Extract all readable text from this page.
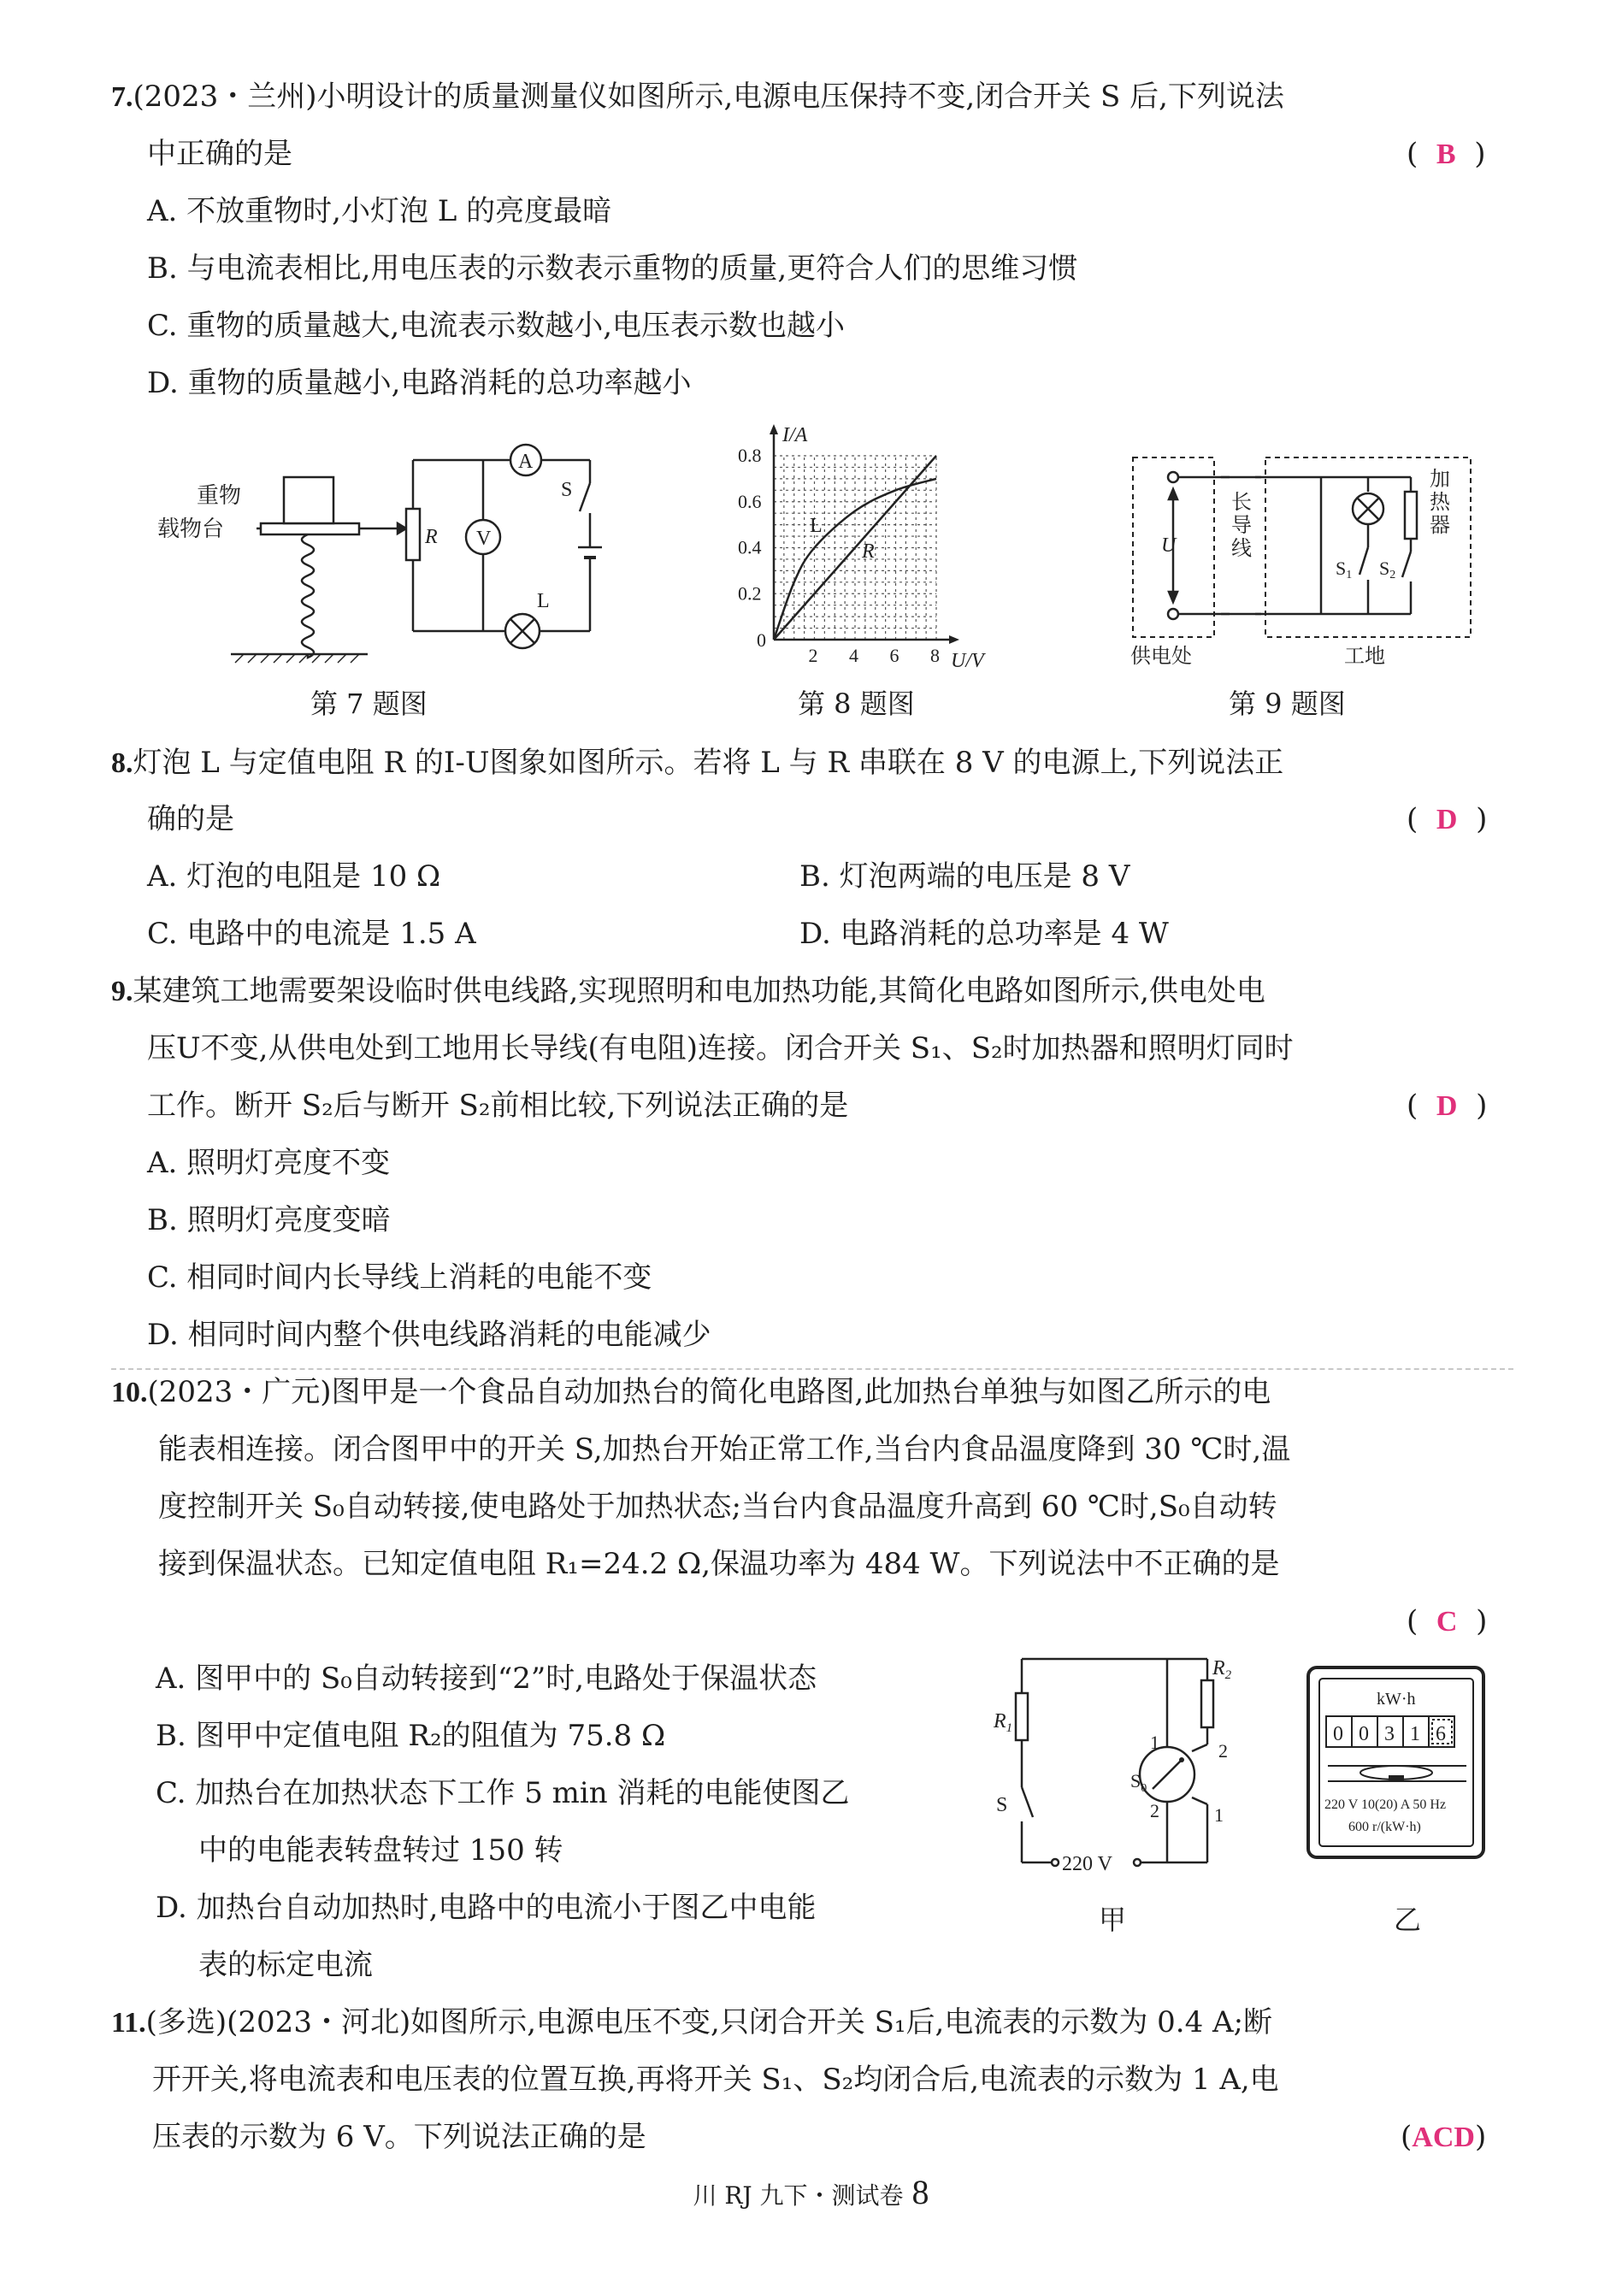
7.(2023・兰州)小明设计的质量测量仪如图所示,电源电压保持不变,闭合开关 S 后,下列说法
中正确的是	(  B  )
A. 不放重物时,小灯泡 L 的亮度最暗
B. 与电流表相比,用电压表的示数表示重物的质量,更符合人们的思维习惯
C. 重物的质量越大,电流表示数越小,电压表示数也越小
D. 重物的质量越小,电路消耗的总功率越小
重物
载物台	R V
A
S
L
第 7 题图
2 4 6 8
0.2
0.4
0.6
0.8
0
I/A
U/V
L
R
第 8 题图
U
长
导
线
加
热
器
S1 S2
供电处	工地
第 9 题图
8.灯泡 L 与定值电阻 R 的I-U图象如图所示。若将 L 与 R 串联在 8 V 的电源上,下列说法正
确的是	(  D  )
A. 灯泡的电阻是 10 Ω	B. 灯泡两端的电压是 8 V
C. 电路中的电流是 1.5 A	D. 电路消耗的总功率是 4 W
9.某建筑工地需要架设临时供电线路,实现照明和电加热功能,其简化电路如图所示,供电处电
压U不变,从供电处到工地用长导线(有电阻)连接。闭合开关 S₁、S₂时加热器和照明灯同时
工作。断开 S₂后与断开 S₂前相比较,下列说法正确的是	(  D  )
A. 照明灯亮度不变
B. 照明灯亮度变暗
C. 相同时间内长导线上消耗的电能不变
D. 相同时间内整个供电线路消耗的电能减少
10.(2023・广元)图甲是一个食品自动加热台的简化电路图,此加热台单独与如图乙所示的电
能表相连接。闭合图甲中的开关 S,加热台开始正常工作,当台内食品温度降到 30 ℃时,温
度控制开关 S₀自动转接,使电路处于加热状态;当台内食品温度升高到 60 ℃时,S₀自动转
接到保温状态。已知定值电阻 R₁=24.2 Ω,保温功率为 484 W。下列说法中不正确的是
(  C  )
A. 图甲中的 S₀自动转接到“2”时,电路处于保温状态
B. 图甲中定值电阻 R₂的阻值为 75.8 Ω
C. 加热台在加热状态下工作 5 min 消耗的电能使图乙
中的电能表转盘转过 150 转
D. 加热台自动加热时,电路中的电流小于图乙中电能
表的标定电流
$R_1$
$R_2$
S
$S_0$
1	2
2	1
220 V
甲
kW·h
0 0 3 1 6
220 V 10(20) A 50 Hz
600 r/(kW·h)
乙
11.(多选)(2023・河北)如图所示,电源电压不变,只闭合开关 S₁后,电流表的示数为 0.4 A;断
开开关,将电流表和电压表的位置互换,再将开关 S₁、S₂均闭合后,电流表的示数为 1 A,电
压表的示数为 6 V。下列说法正确的是	(ACD)
川 RJ 九下・测试卷 8
